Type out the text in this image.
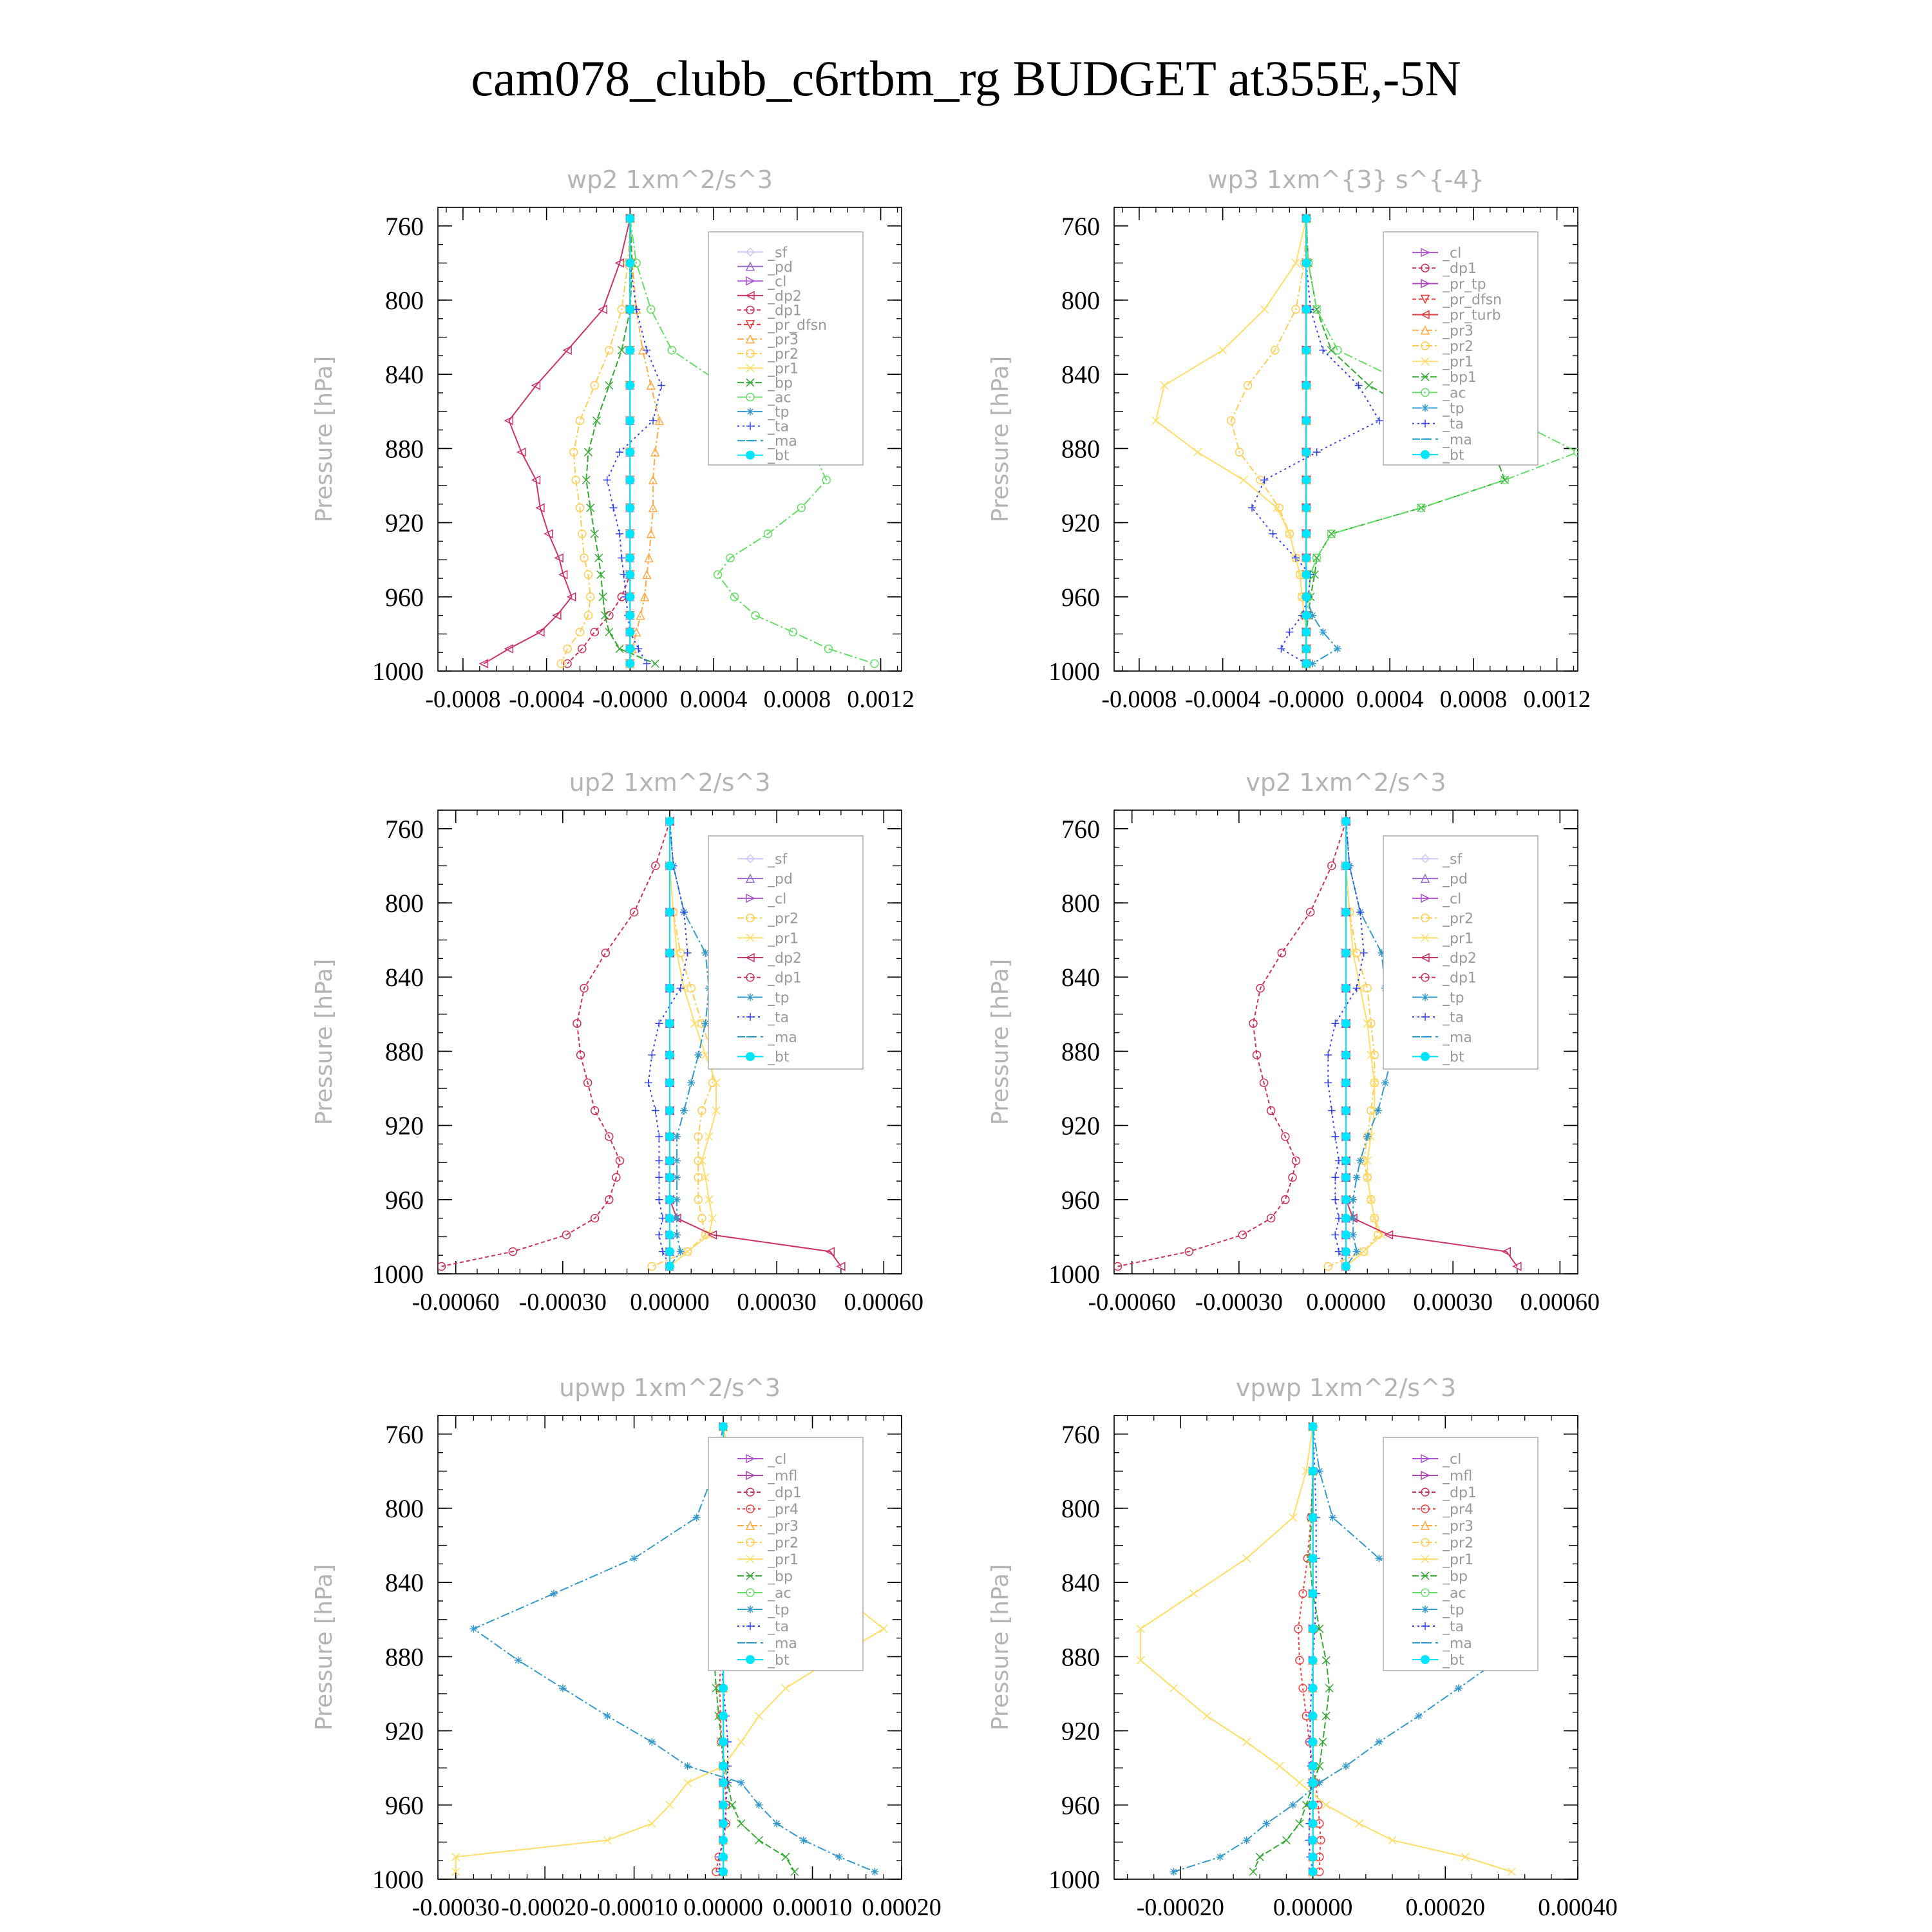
cam078_clubb_c6rtbm_rg BUDGET at355E,-5N
wp2 1xm^2/s^3
Pressure [hPa]
760
800
840
880
920
960
1000
-0.0008 -0.0004 -0.0000 0.0004 0.0008 0.0012
_sf
_pd
_cl
_dp2
_dp1
_pr_dfsn
_pr3
_pr2
_pr1
_bp
_ac
_tp
_ta
_ma
_bt
wp3 1xm^{3} s^{-4}
Pressure [hPa]
760
800
840
880
920
960
1000
-0.0008 -0.0004 -0.0000 0.0004 0.0008 0.0012
_cl
_dp1
_pr_tp
_pr_dfsn
_pr_turb
_pr3
_pr2
_pr1
_bp1
_ac
_tp
_ta
_ma
_bt
up2 1xm^2/s^3
Pressure [hPa]
760
800
840
880
920
960
1000
-0.00060 -0.00030 0.00000 0.00030 0.00060
_sf
_pd
_cl
_pr2
_pr1
_dp2
_dp1
_tp
_ta
_ma
_bt
vp2 1xm^2/s^3
Pressure [hPa]
760
800
840
880
920
960
1000
-0.00060 -0.00030 0.00000 0.00030 0.00060
_sf
_pd
_cl
_pr2
_pr1
_dp2
_dp1
_tp
_ta
_ma
_bt
upwp 1xm^2/s^3
Pressure [hPa]
760
800
840
880
920
960
1000
-0.00030 -0.00020 -0.00010 0.00000 0.00010 0.00020
_cl
_mfl
_dp1
_pr4
_pr3
_pr2
_pr1
_bp
_ac
_tp
_ta
_ma
_bt
vpwp 1xm^2/s^3
Pressure [hPa]
760
800
840
880
920
960
1000
-0.00020 0.00000 0.00020 0.00040
_cl
_mfl
_dp1
_pr4
_pr3
_pr2
_pr1
_bp
_ac
_tp
_ta
_ma
_bt
